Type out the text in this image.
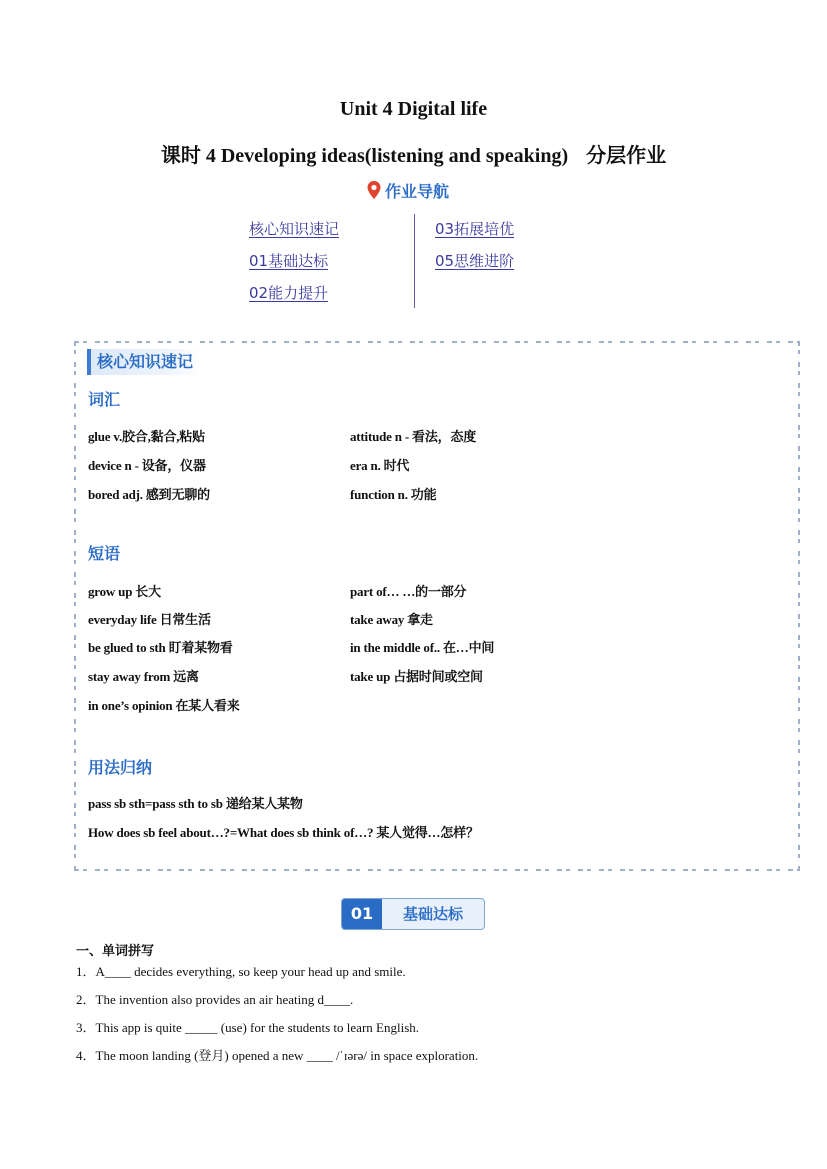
Unit 4 Digital life
课时 4 Developing ideas(listening and speaking) 分层作业
作业导航
核心知识速记
01基础达标
02能力提升
03拓展培优
05思维进阶
核心知识速记
词汇
glue v.胶合,黏合,粘贴	attitude n - 看法，态度
device n - 设备，仪器	era n. 时代
bored adj. 感到无聊的	function n. 功能
短语
grow up 长大	part of… …的一部分
everyday life 日常生活	take away 拿走
be glued to sth 盯着某物看	in the middle of.. 在…中间
stay away from 远离	take up 占据时间或空间
in one’s opinion 在某人看来
用法归纳
pass sb sth=pass sth to sb 递给某人某物
How does sb feel about…?=What does sb think of…? 某人觉得…怎样？
01	基础达标
一、单词拼写
1．A____ decides everything, so keep your head up and smile.
2．The invention also provides an air heating d____.
3．This app is quite _____ (use) for the students to learn English.
4．The moon landing (登月) opened a new ____ /ˈɪərə/ in space exploration.
